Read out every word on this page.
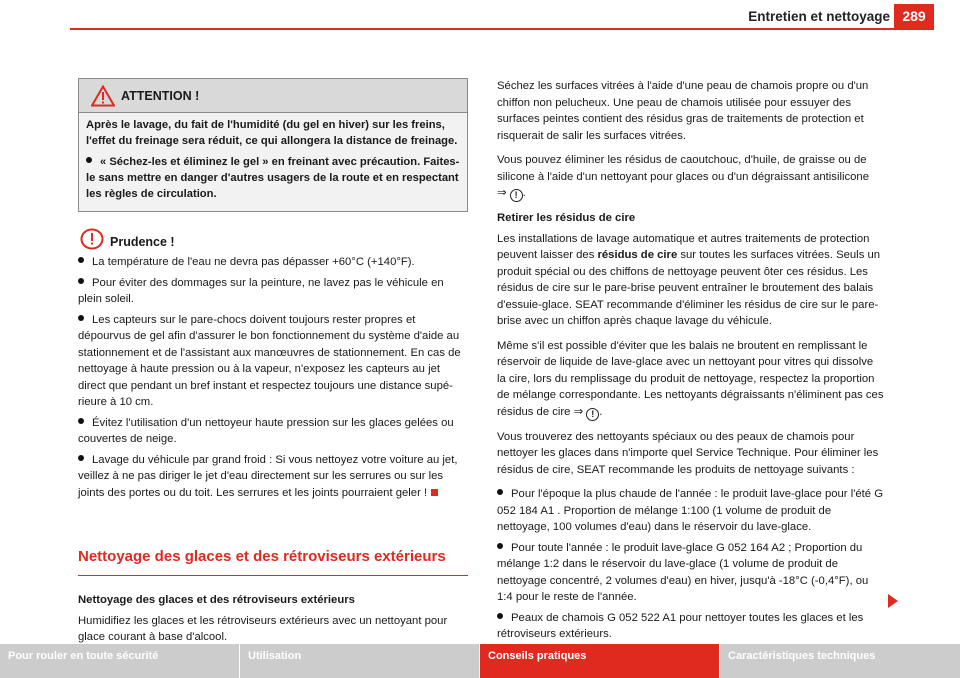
Entretien et nettoyage 289
ATTENTION !

Après le lavage, du fait de l'humidité (du gel en hiver) sur les freins, l'effet du freinage sera réduit, ce qui allongera la distance de freinage.

« Séchez-les et éliminez le gel » en freinant avec précaution. Faites-le sans mettre en danger d'autres usagers de la route et en respectant les règles de circulation.

Prudence !
La température de l'eau ne devra pas dépasser +60°C (+140°F).
Pour éviter des dommages sur la peinture, ne lavez pas le véhicule en plein soleil.
Les capteurs sur le pare-chocs doivent toujours rester propres et dépourvus de gel afin d'assurer le bon fonctionnement du système d'aide au stationnement et de l'assistant aux manœuvres de stationnement. En cas de nettoyage à haute pression ou à la vapeur, n'exposez les capteurs au jet direct que pendant un bref instant et respectez toujours une distance supérieure à 10 cm.
Évitez l'utilisation d'un nettoyeur haute pression sur les glaces gelées ou couvertes de neige.
Lavage du véhicule par grand froid : Si vous nettoyez votre voiture au jet, veillez à ne pas diriger le jet d'eau directement sur les serrures ou sur les joints des portes ou du toit. Les serrures et les joints pourraient geler !
Nettoyage des glaces et des rétroviseurs extérieurs
Nettoyage des glaces et des rétroviseurs extérieurs
Humidifiez les glaces et les rétroviseurs extérieurs avec un nettoyant pour glace courant à base d'alcool.

Séchez les surfaces vitrées à l'aide d'une peau de chamois propre ou d'un chiffon non pelucheux. Une peau de chamois utilisée pour essuyer des surfaces peintes contient des résidus gras de traitements de protection et risquerait de salir les surfaces vitrées.

Vous pouvez éliminer les résidus de caoutchouc, d'huile, de graisse ou de silicone à l'aide d'un nettoyant pour glaces ou d'un dégraissant antisilicone
⇒ ! .

Retirer les résidus de cire

Les installations de lavage automatique et autres traitements de protection peuvent laisser des résidus de cire sur toutes les surfaces vitrées. Seuls un produit spécial ou des chiffons de nettoyage peuvent ôter ces résidus. Les résidus de cire sur le pare-brise peuvent entraîner le broutement des balais d'essuie-glace. SEAT recommande d'éliminer les résidus de cire sur le pare-brise avec un chiffon après chaque lavage du véhicule.

Même s'il est possible d'éviter que les balais ne broutent en remplissant le réservoir de liquide de lave-glace avec un nettoyant pour vitres qui dissolve la cire, lors du remplissage du produit de nettoyage, respectez la proportion de mélange correspondante. Les nettoyants dégraissants n'éliminent pas ces résidus de cire ⇒ ! .

Vous trouverez des nettoyants spéciaux ou des peaux de chamois pour nettoyer les glaces dans n'importe quel Service Technique. Pour éliminer les résidus de cire, SEAT recommande les produits de nettoyage suivants :

Pour l'époque la plus chaude de l'année : le produit lave-glace pour l'été G 052 184 A1 . Proportion de mélange 1:100 (1 volume de produit de nettoyage, 100 volumes d'eau) dans le réservoir du lave-glace.
Pour toute l'année : le produit lave-glace G 052 164 A2 ; Proportion du mélange 1:2 dans le réservoir du lave-glace (1 volume de produit de nettoyage concentré, 2 volumes d'eau) en hiver, jusqu'à -18°C (-0,4°F), ou 1:4 pour le reste de l'année.
Peaux de chamois G 052 522 A1 pour nettoyer toutes les glaces et les rétroviseurs extérieurs.
Pour rouler en toute sécurité	Utilisation	Conseils pratiques	Caractéristiques techniques
